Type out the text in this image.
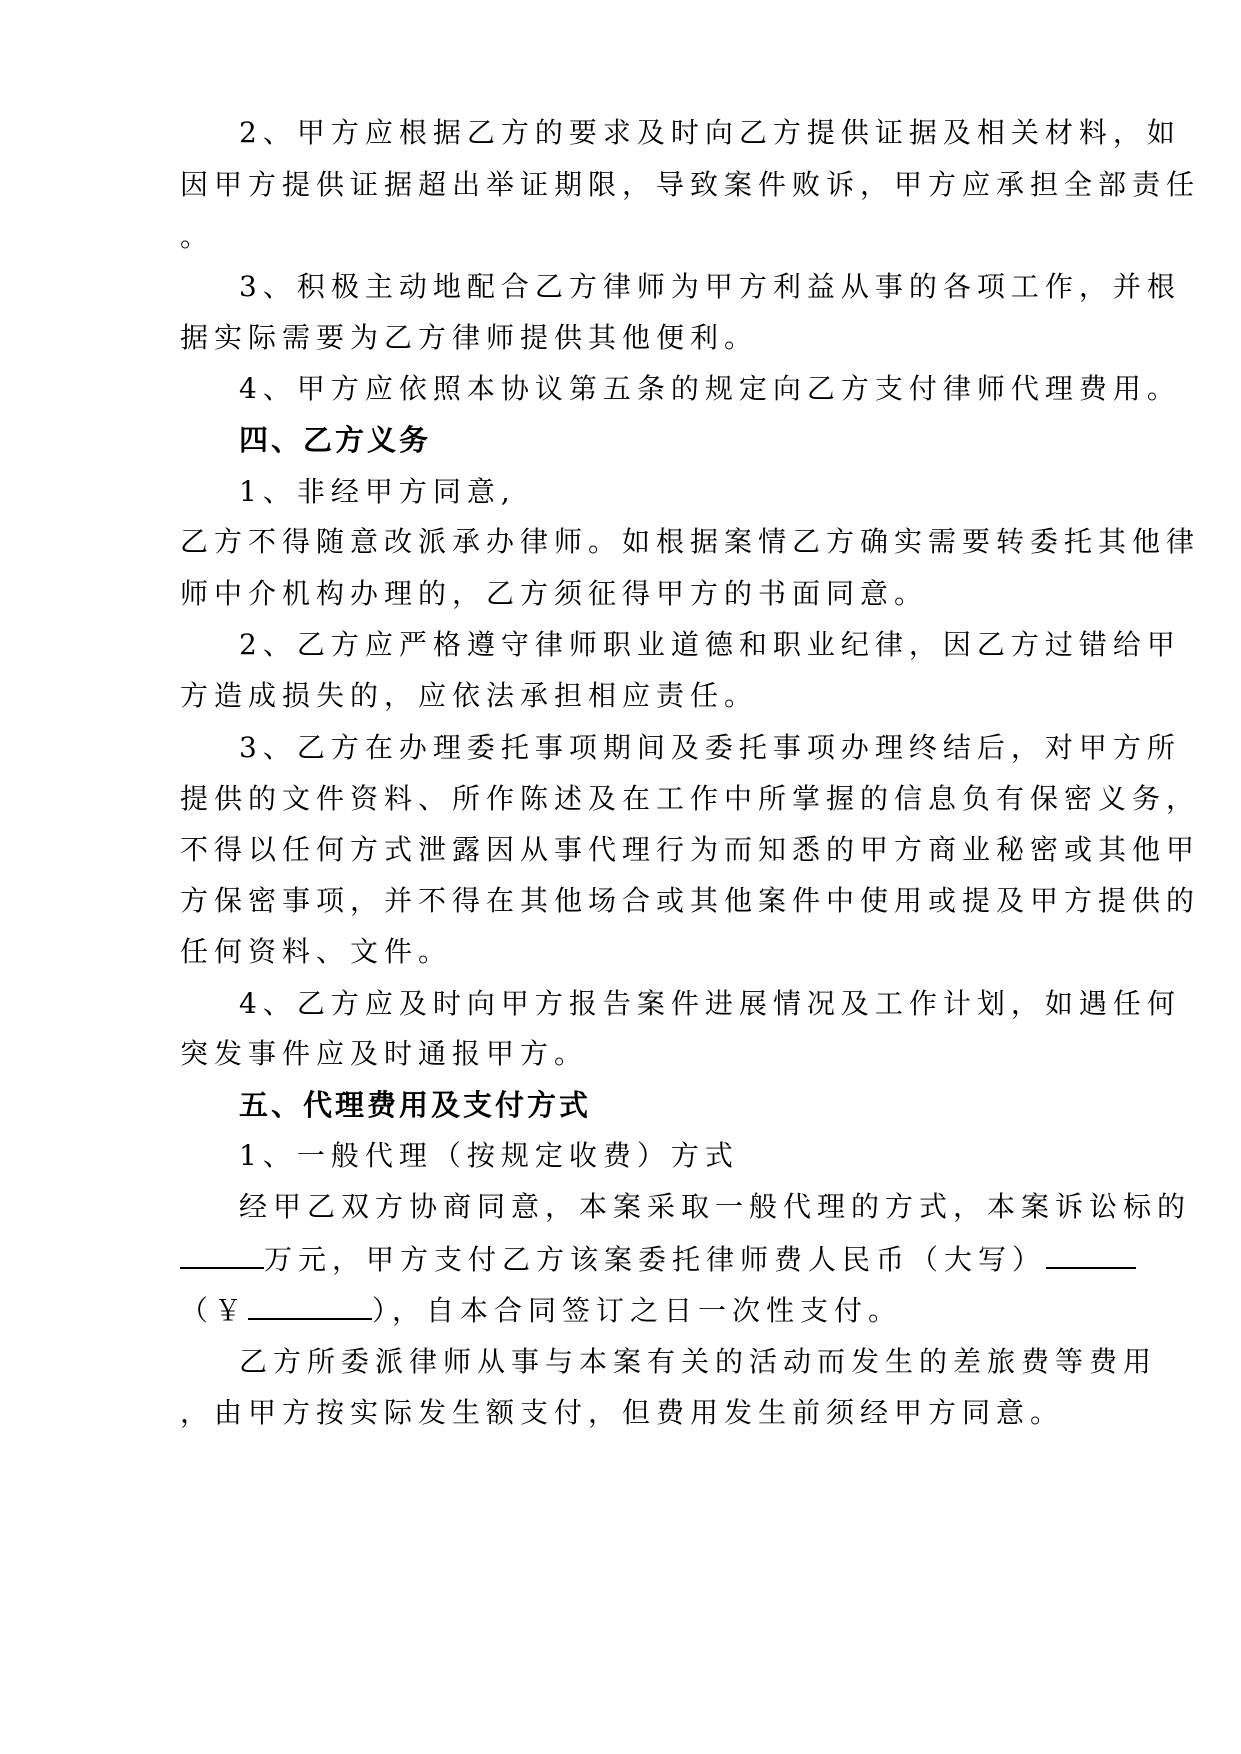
2、甲方应根据乙方的要求及时向乙方提供证据及相关材料，如
因甲方提供证据超出举证期限，导致案件败诉，甲方应承担全部责任
。
3、积极主动地配合乙方律师为甲方利益从事的各项工作，并根
据实际需要为乙方律师提供其他便利。
4、甲方应依照本协议第五条的规定向乙方支付律师代理费用。
四、乙方义务
1、非经甲方同意,
乙方不得随意改派承办律师。如根据案情乙方确实需要转委托其他律
师中介机构办理的，乙方须征得甲方的书面同意。
2、乙方应严格遵守律师职业道德和职业纪律，因乙方过错给甲
方造成损失的，应依法承担相应责任。
3、乙方在办理委托事项期间及委托事项办理终结后，对甲方所
提供的文件资料、所作陈述及在工作中所掌握的信息负有保密义务，
不得以任何方式泄露因从事代理行为而知悉的甲方商业秘密或其他甲
方保密事项，并不得在其他场合或其他案件中使用或提及甲方提供的
任何资料、文件。
4、乙方应及时向甲方报告案件进展情况及工作计划，如遇任何
突发事件应及时通报甲方。
五、代理费用及支付方式
1、一般代理（按规定收费）方式
经甲乙双方协商同意，本案采取一般代理的方式，本案诉讼标的
万元，甲方支付乙方该案委托律师费人民币（大写）
（￥	），自本合同签订之日一次性支付。
乙方所委派律师从事与本案有关的活动而发生的差旅费等费用
，由甲方按实际发生额支付，但费用发生前须经甲方同意。
